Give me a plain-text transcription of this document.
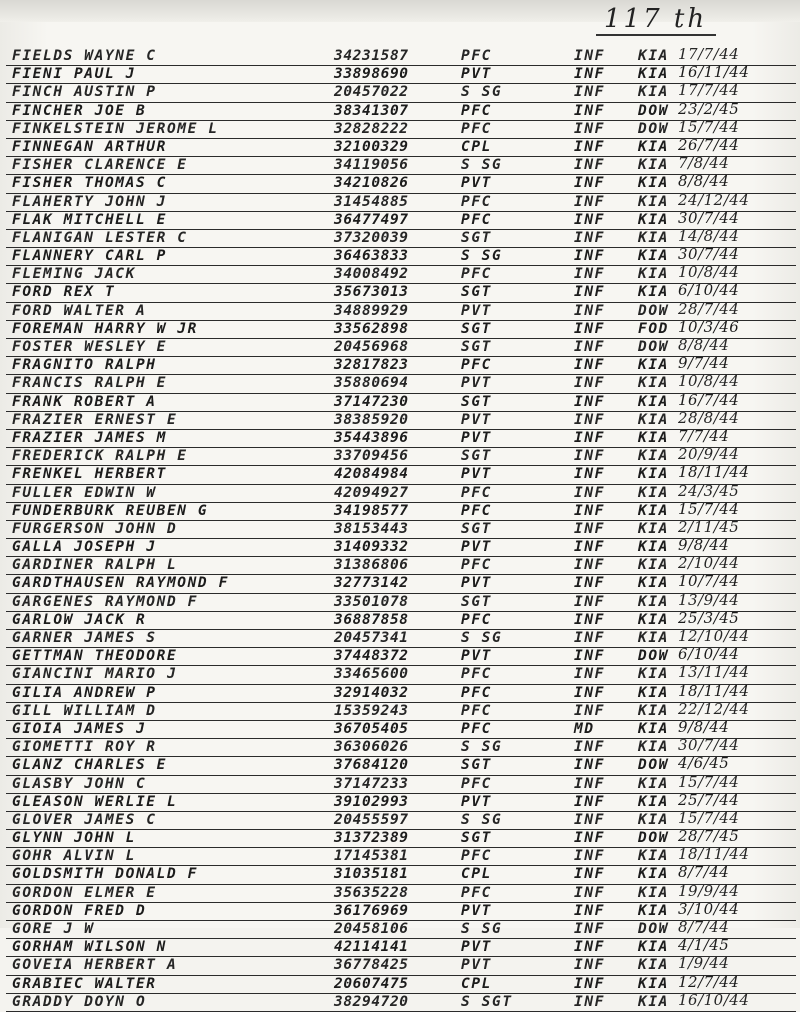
117 th
FIELDS WAYNE C	34231587	PFC	INF KIA 17/7/44
FIENI PAUL J	33898690	PVT	INF KIA 16/11/44
FINCH AUSTIN P	20457022	S SG	INF KIA 17/7/44
FINCHER JOE B	38341307	PFC	INF DOW 23/2/45
FINKELSTEIN JEROME L	32828222	PFC	INF DOW 15/7/44
FINNEGAN ARTHUR	32100329	CPL	INF KIA 26/7/44
FISHER CLARENCE E	34119056	S SG	INF KIA 7/8/44
FISHER THOMAS C	34210826	PVT	INF KIA 8/8/44
FLAHERTY JOHN J	31454885	PFC	INF KIA 24/12/44
FLAK MITCHELL E	36477497	PFC	INF KIA 30/7/44
FLANIGAN LESTER C	37320039	SGT	INF KIA 14/8/44
FLANNERY CARL P	36463833	S SG	INF KIA 30/7/44
FLEMING JACK	34008492	PFC	INF KIA 10/8/44
FORD REX T	35673013	SGT	INF KIA 6/10/44
FORD WALTER A	34889929	PVT	INF DOW 28/7/44
FOREMAN HARRY W JR	33562898	SGT	INF FOD 10/3/46
FOSTER WESLEY E	20456968	SGT	INF DOW 8/8/44
FRAGNITO RALPH	32817823	PFC	INF KIA 9/7/44
FRANCIS RALPH E	35880694	PVT	INF KIA 10/8/44
FRANK ROBERT A	37147230	SGT	INF KIA 16/7/44
FRAZIER ERNEST E	38385920	PVT	INF KIA 28/8/44
FRAZIER JAMES M	35443896	PVT	INF KIA 7/7/44
FREDERICK RALPH E	33709456	SGT	INF KIA 20/9/44
FRENKEL HERBERT	42084984	PVT	INF KIA 18/11/44
FULLER EDWIN W	42094927	PFC	INF KIA 24/3/45
FUNDERBURK REUBEN G	34198577	PFC	INF KIA 15/7/44
FURGERSON JOHN D	38153443	SGT	INF KIA 2/11/45
GALLA JOSEPH J	31409332	PVT	INF KIA 9/8/44
GARDINER RALPH L	31386806	PFC	INF KIA 2/10/44
GARDTHAUSEN RAYMOND F	32773142	PVT	INF KIA 10/7/44
GARGENES RAYMOND F	33501078	SGT	INF KIA 13/9/44
GARLOW JACK R	36887858	PFC	INF KIA 25/3/45
GARNER JAMES S	20457341	S SG	INF KIA 12/10/44
GETTMAN THEODORE	37448372	PVT	INF DOW 6/10/44
GIANCINI MARIO J	33465600	PFC	INF KIA 13/11/44
GILIA ANDREW P	32914032	PFC	INF KIA 18/11/44
GILL WILLIAM D	15359243	PFC	INF KIA 22/12/44
GIOIA JAMES J	36705405	PFC	MD	KIA 9/8/44
GIOMETTI ROY R	36306026	S SG	INF KIA 30/7/44
GLANZ CHARLES E	37684120	SGT	INF DOW 4/6/45
GLASBY JOHN C	37147233	PFC	INF KIA 15/7/44
GLEASON WERLIE L	39102993	PVT	INF KIA 25/7/44
GLOVER JAMES C	20455597	S SG	INF KIA 15/7/44
GLYNN JOHN L	31372389	SGT	INF DOW 28/7/45
GOHR ALVIN L	17145381	PFC	INF KIA 18/11/44
GOLDSMITH DONALD F	31035181	CPL	INF KIA 8/7/44
GORDON ELMER E	35635228	PFC	INF KIA 19/9/44
GORDON FRED D	36176969	PVT	INF KIA 3/10/44
GORE J W	20458106	S SG	INF DOW 8/7/44
GORHAM WILSON N	42114141	PVT	INF KIA 4/1/45
GOVEIA HERBERT A	36778425	PVT	INF KIA 1/9/44
GRABIEC WALTER	20607475	CPL	INF KIA 12/7/44
GRADDY DOYN O	38294720	S SGT	INF KIA 16/10/44
